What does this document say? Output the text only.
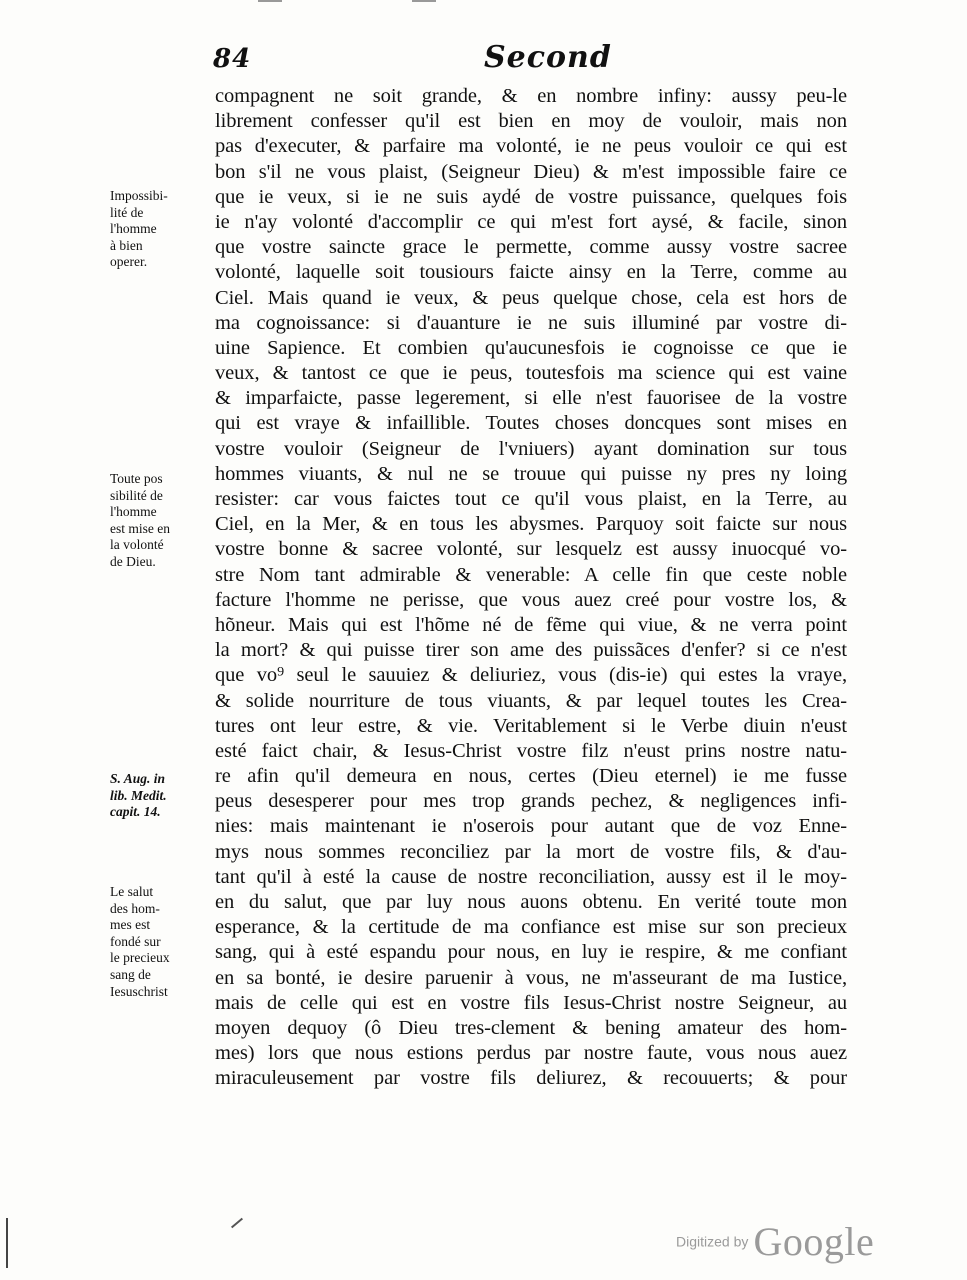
84	Second
compagnent ne soit grande, & en nombre infiny: aussy peu-le
librement confesser qu'il est bien en moy de vouloir, mais non
pas d'executer, & parfaire ma volonté, ie ne peus vouloir ce qui est
bon s'il ne vous plaist, (Seigneur Dieu) & m'est impossible faire ce
que ie veux, si ie ne suis aydé de vostre puissance, quelques fois
ie n'ay volonté d'accomplir ce qui m'est fort aysé, & facile, sinon
que vostre saincte grace le permette, comme aussy vostre sacree
volonté, laquelle soit tousiours faicte ainsy en la Terre, comme au
Ciel. Mais quand ie veux, & peus quelque chose, cela est hors de
ma cognoissance: si d'auanture ie ne suis illuminé par vostre di-
uine Sapience. Et combien qu'aucunesfois ie cognoisse ce que ie
veux, & tantost ce que ie peus, toutesfois ma science qui est vaine
& imparfaicte, passe legerement, si elle n'est fauorisee de la vostre
qui est vraye & infaillible. Toutes choses doncques sont mises en
vostre vouloir (Seigneur de l'vniuers) ayant domination sur tous
hommes viuants, & nul ne se trouue qui puisse ny pres ny loing
resister: car vous faictes tout ce qu'il vous plaist, en la Terre, au
Ciel, en la Mer, & en tous les abysmes. Parquoy soit faicte sur nous
vostre bonne & sacree volonté, sur lesquelz est aussy inuocqué vo-
stre Nom tant admirable & venerable: A celle fin que ceste noble
facture l'homme ne perisse, que vous auez creé pour vostre los, &
hõneur. Mais qui est l'hõme né de fẽme qui viue, & ne verra point
la mort? & qui puisse tirer son ame des puissãces d'enfer? si ce n'est
que vo⁹ seul le sauuiez & deliuriez, vous (dis-ie) qui estes la vraye,
& solide nourriture de tous viuants, & par lequel toutes les Crea-
tures ont leur estre, & vie. Veritablement si le Verbe diuin n'eust
esté faict chair, & Iesus-Christ vostre filz n'eust prins nostre natu-
re afin qu'il demeura en nous, certes (Dieu eternel) ie me fusse
peus desesperer pour mes trop grands pechez, & negligences infi-
nies: mais maintenant ie n'oserois pour autant que de voz Enne-
mys nous sommes reconciliez par la mort de vostre fils, & d'au-
tant qu'il à esté la cause de nostre reconciliation, aussy est il le moy-
en du salut, que par luy nous auons obtenu. En verité toute mon
esperance, & la certitude de ma confiance est mise sur son precieux
sang, qui à esté espandu pour nous, en luy ie respire, & me confiant
en sa bonté, ie desire paruenir à vous, ne m'asseurant de ma Iustice,
mais de celle qui est en vostre fils Iesus-Christ nostre Seigneur, au
moyen dequoy (ô Dieu tres-clement & bening amateur des hom-
mes) lors que nous estions perdus par nostre faute, vous nous auez
miraculeusement par vostre fils deliurez, & recouuerts; & pour
Impossibi-
lité de
l'homme
à bien
operer.
Toute pos
sibilité de
l'homme
est mise en
la volonté
de Dieu.
S. Aug. in
lib. Medit.
capit. 14.
Le salut
des hom-
mes est
fondé sur
le precieux
sang de
Iesuschrist
Digitized by Google
